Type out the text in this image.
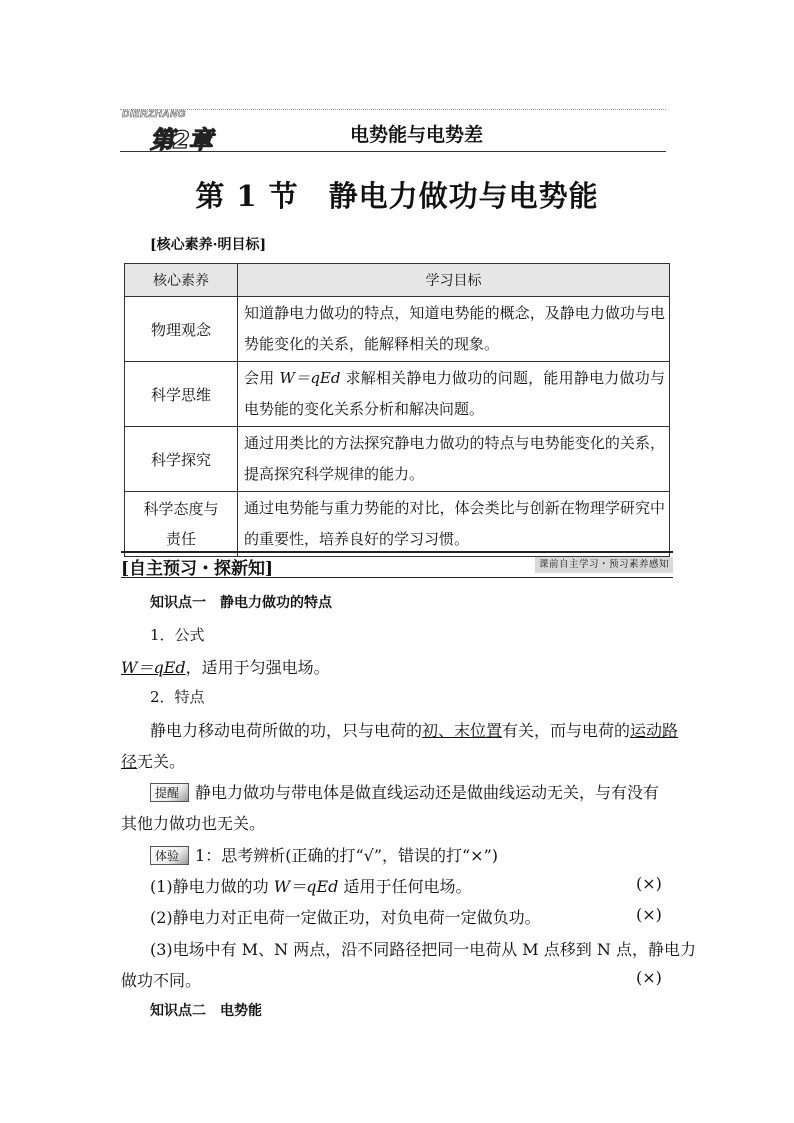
DIERZHANG
第2章	电势能与电势差
第 1 节　静电力做功与电势能
[核心素养·明目标]
核心素养	学习目标
物理观念	知道静电力做功的特点，知道电势能的概念，及静电力做功与电势能变化的关系，能解释相关的现象。
科学思维	会用 W＝qEd 求解相关静电力做功的问题，能用静电力做功与电势能的变化关系分析和解决问题。
科学探究	通过用类比的方法探究静电力做功的特点与电势能变化的关系，提高探究科学规律的能力。
科学态度与
责任	通过电势能与重力势能的对比，体会类比与创新在物理学研究中的重要性，培养良好的学习习惯。
[自主预习・探新知]	课前自主学习・预习素养感知
知识点一　静电力做功的特点
1．公式
W＝qEd，适用于匀强电场。
2．特点
静电力移动电荷所做的功，只与电荷的初、末位置有关，而与电荷的运动路
径无关。
提醒 静电力做功与带电体是做直线运动还是做曲线运动无关，与有没有
其他力做功也无关。
体验 1：思考辨析(正确的打“√”，错误的打“×”)
(1)静电力做的功 W＝qEd 适用于任何电场。	(×)
(2)静电力对正电荷一定做正功，对负电荷一定做负功。	(×)
(3)电场中有 M、N 两点，沿不同路径把同一电荷从 M 点移到 N 点，静电力
做功不同。	(×)
知识点二　电势能
